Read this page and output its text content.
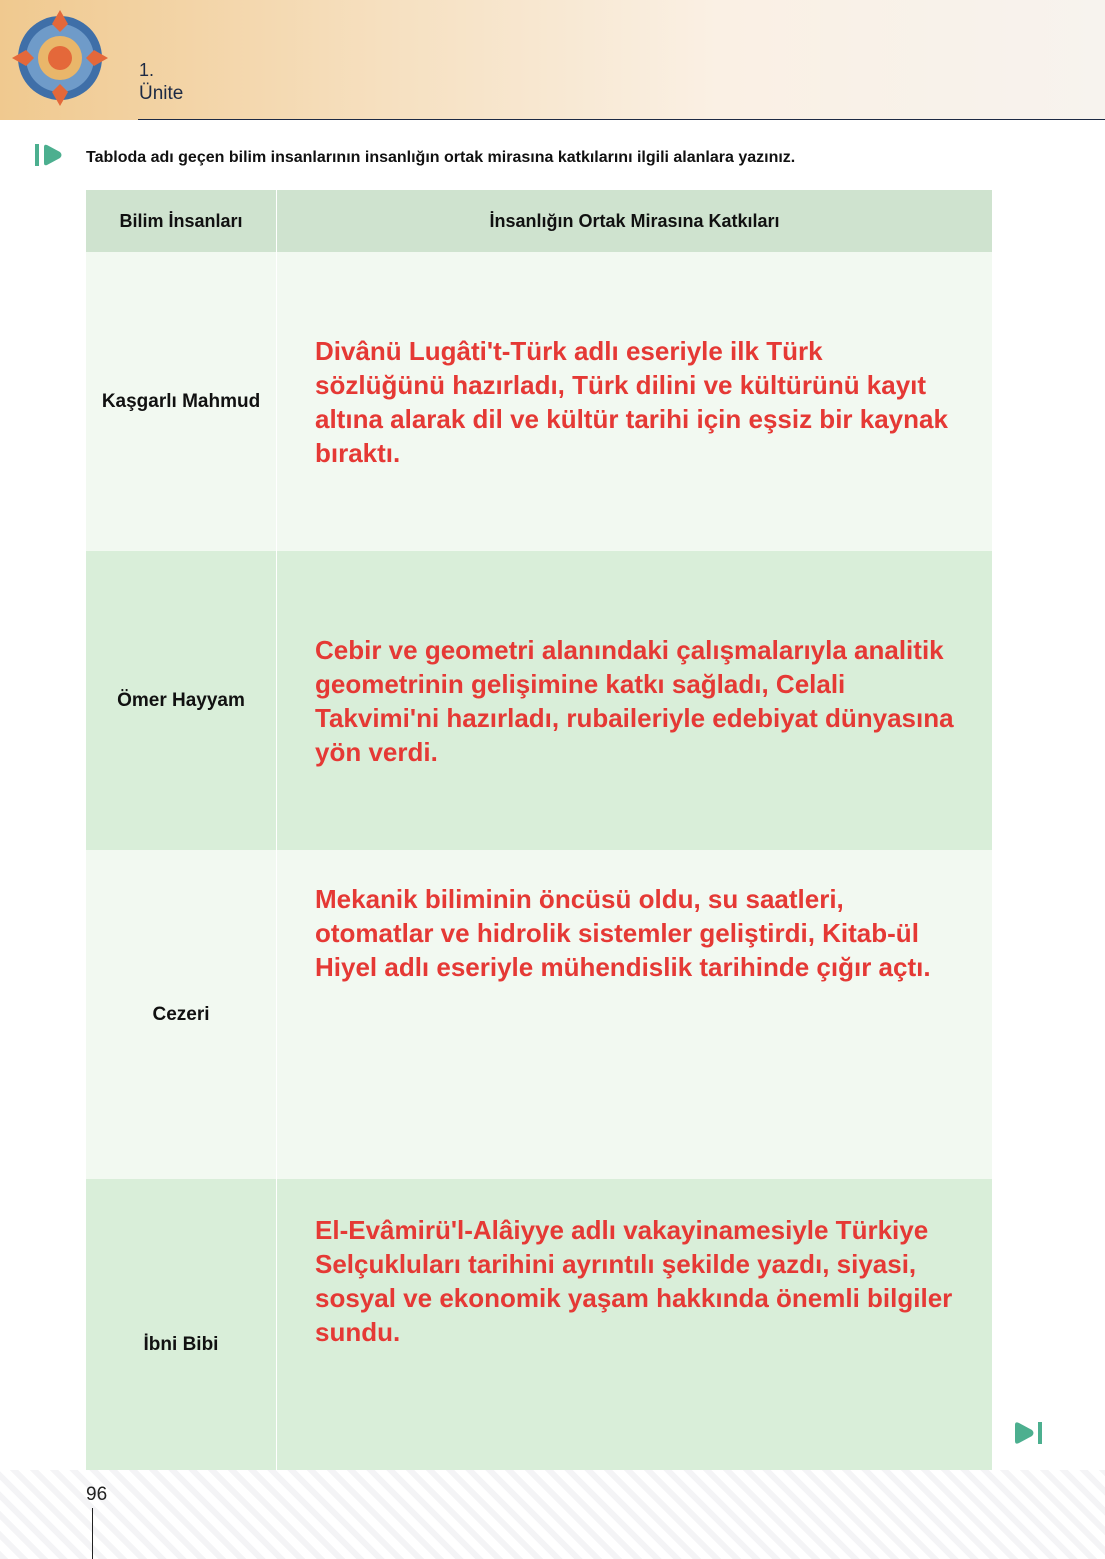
1.
Ünite
Tabloda adı geçen bilim insanlarının insanlığın ortak mirasına katkılarını ilgili alanlara yazınız.
Bilim İnsanları	İnsanlığın Ortak Mirasına Katkıları
Kaşgarlı Mahmud	Divânü Lugâti't-Türk adlı eseriyle ilk Türk sözlüğünü hazırladı, Türk dilini ve kültürünü kayıt altına alarak dil ve kültür tarihi için eşsiz bir kaynak bıraktı.
Ömer Hayyam	Cebir ve geometri alanındaki çalışmalarıyla analitik geometrinin gelişimine katkı sağladı, Celali Takvimi'ni hazırladı, rubaileriyle edebiyat dünyasına yön verdi.
Cezeri	Mekanik biliminin öncüsü oldu, su saatleri, otomatlar ve hidrolik sistemler geliştirdi, Kitab-ül Hiyel adlı eseriyle mühendislik tarihinde çığır açtı.
İbni Bibi	El-Evâmirü'l-Alâiyye adlı vakayinamesiyle Türkiye Selçukluları tarihini ayrıntılı şekilde yazdı, siyasi, sosyal ve ekonomik yaşam hakkında önemli bilgiler sundu.
96
